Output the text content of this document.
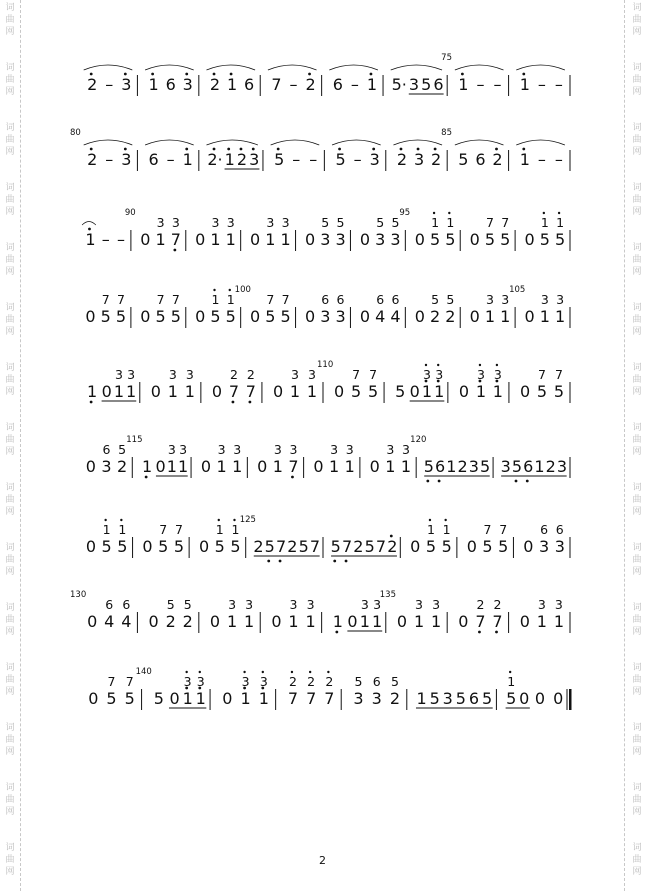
词
曲
网
词
曲
网
词
曲
网
词
曲
网
词
曲
网
词
曲
网
词
曲
网
词
曲
网
词
曲
网
词
曲
网
词
曲
网
词
曲
网
词
曲
网
词
曲
网
词
曲
网
词
曲
网
词
曲
网
词
曲
网
词
曲
网
词
曲
网
词
曲
网
词
曲
网
词
曲
网
词
曲
网
词
曲
网
词
曲
网
词
曲
网
词
曲
网
词
曲
网
词
曲
网
2 – 3 1 6 3 2 1 6 7 – 2 6 – 1 5· 3 5 6 1 – – 1 – –
75
2 – 3 6 – 1 2· 1 2 3 5 – – 5 – 3 2 3 2 5 6 2 1 – –
80	85
1 – – 0 1
3
7
3
0 1
3
1
3
0 1
3
1
3
0 3
5
3
5
0 3
5
3
5
0 5
1
5
1
0 5
7
5
7
0 5
1
5
1
90	95
0 5
7
5
7
0 5
7
5
7
0 5
1
5
1
0 5
7
5
7
0 3
6
3
6
0 4
6
4
6
0 2
5
2
5
0 1
3
1
3
0 1
3
1
3
100	105
1 0 1
3
1
3
0 1
3
1
3
0 7
2
7
2
0 1
3
1
3
0 5
7
5
7
5 0 1
3
1
3
0 1
3
1
3
0 5
7
5
7
110
0 3
6
2
5
1 0 1
3
1
3
0 1
3
1
3
0 1
3
7
3
0 1
3
1
3
0 1
3
1
3
5 6 1 2 3 5 3 5 6 1 2 3
115	120
0 5
1
5
1
0 5
7
5
7
0 5
1
5
1
2 5 7 2 5 7 5 7 2 5 7 2 0 5
1
5
1
0 5
7
5
7
0 3
6
3
6
125
0 4
6
4
6
0 2
5
2
5
0 1
3
1
3
0 1
3
1
3
1 0 1
3
1
3
0 1
3
1
3
0 7
2
7
2
0 1
3
1
3
130	135
0 5
7
5
7
5 0 1
3
1
3
0 1
3
1
3
7
2
7
2
7
2
3
5
3
6
2
5
1 5 3 5 6 5 5
1
0 0 0
140
2
